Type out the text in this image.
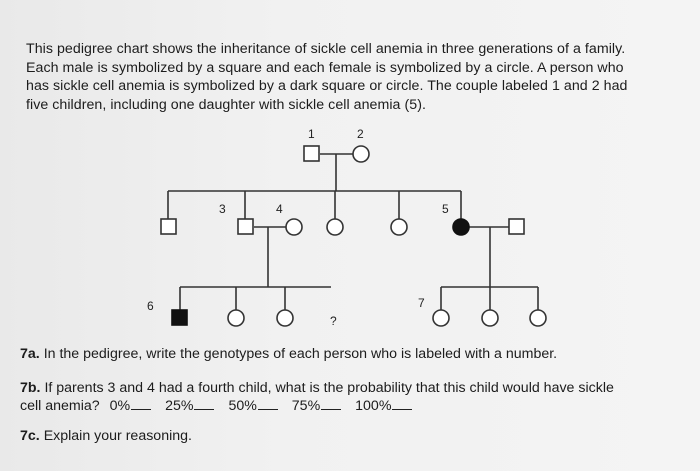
This pedigree chart shows the inheritance of sickle cell anemia in three generations of a family.

Each male is symbolized by a square and each female is symbolized by a circle. A person who

has sickle cell anemia is symbolized by a dark square or circle. The couple labeled 1 and 2 had

five children, including one daughter with sickle cell anemia (5).

1	2
3	4	5
6	7
?
7a. In the pedigree, write the genotypes of each person who is labeled with a number.
7b. If parents 3 and 4 had a fourth child, what is the probability that this child would have sickle
cell anemia? 0% 25% 50% 75% 100%
7c. Explain your reasoning.
